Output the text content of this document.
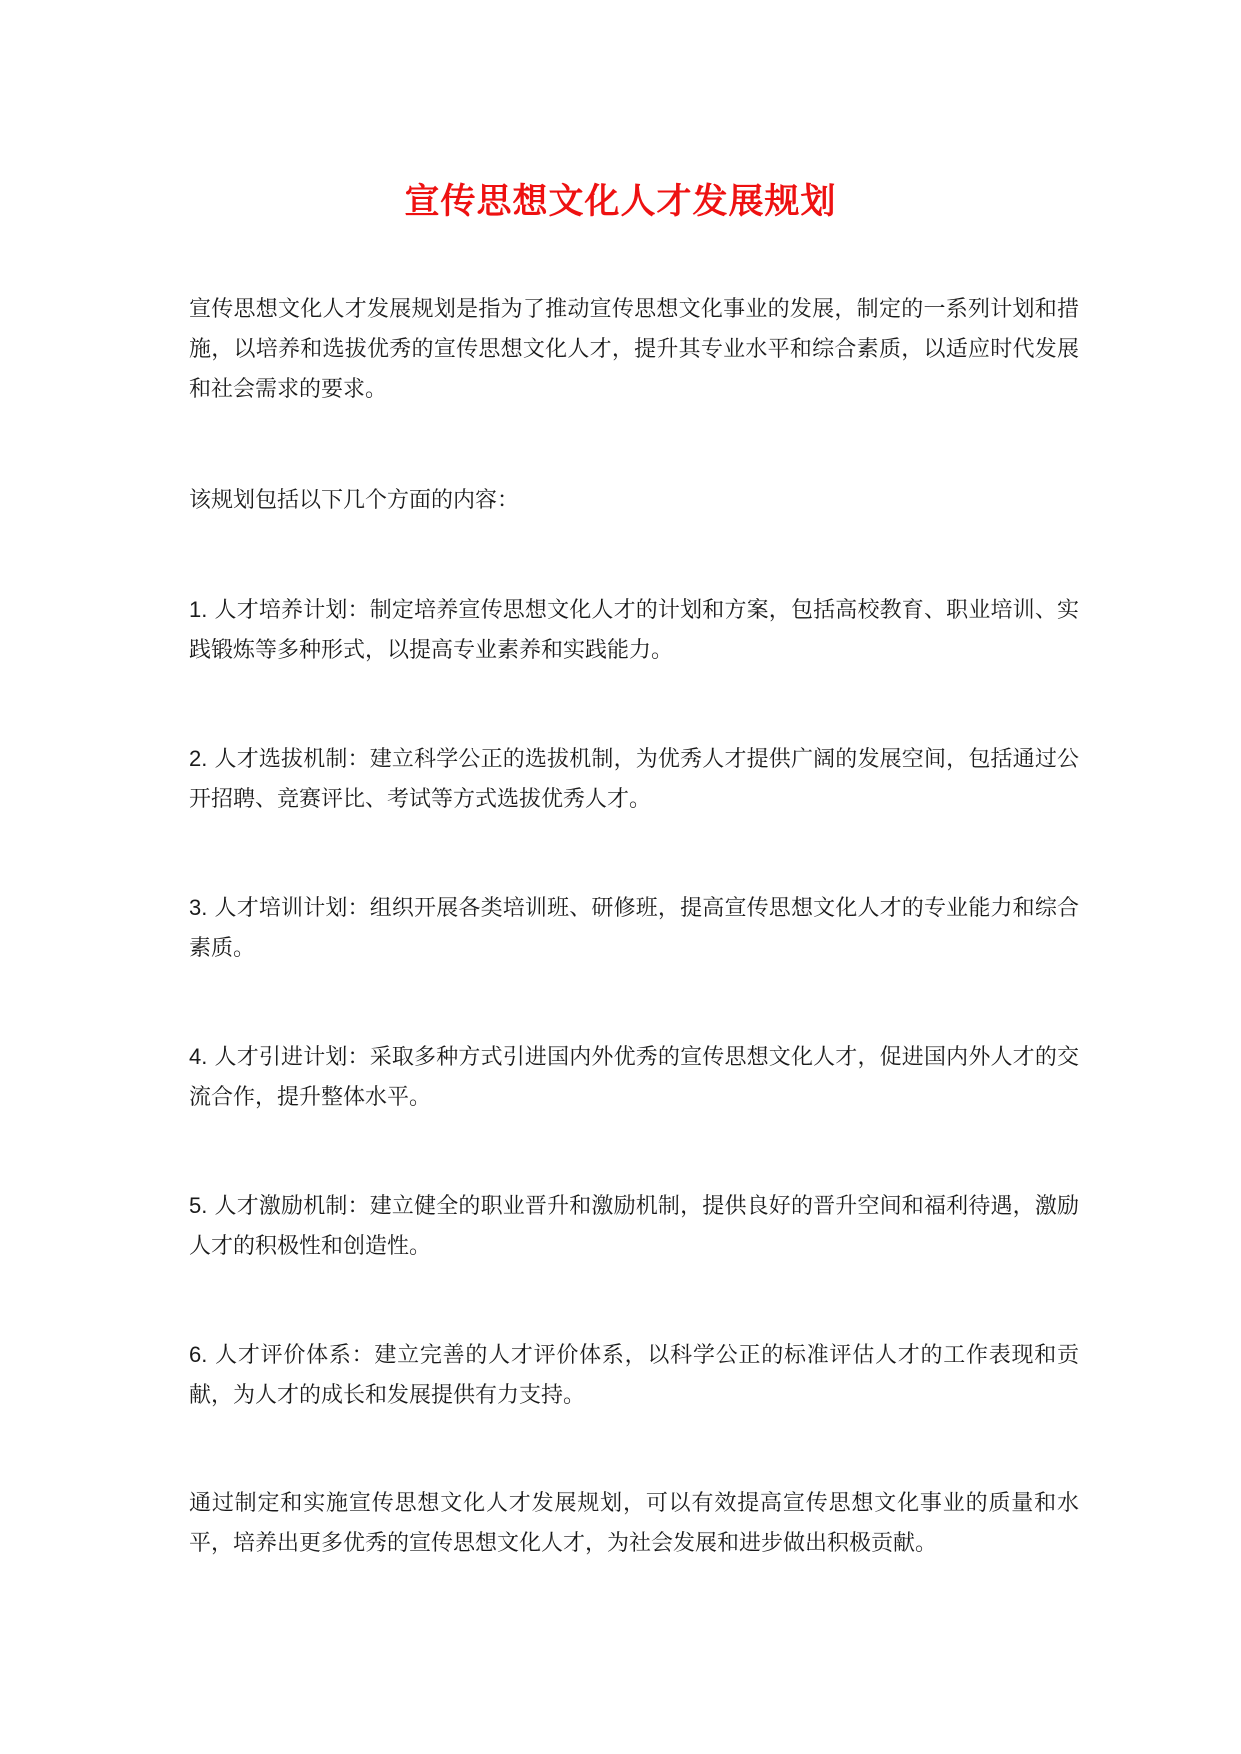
宣传思想文化人才发展规划

宣传思想文化人才发展规划是指为了推动宣传思想文化事业的发展，制定的一系列计划和措施，以培养和选拔优秀的宣传思想文化人才，提升其专业水平和综合素质，以适应时代发展和社会需求的要求。

该规划包括以下几个方面的内容：

1. 人才培养计划：制定培养宣传思想文化人才的计划和方案，包括高校教育、职业培训、实践锻炼等多种形式，以提高专业素养和实践能力。

2. 人才选拔机制：建立科学公正的选拔机制，为优秀人才提供广阔的发展空间，包括通过公开招聘、竞赛评比、考试等方式选拔优秀人才。

3. 人才培训计划：组织开展各类培训班、研修班，提高宣传思想文化人才的专业能力和综合素质。

4. 人才引进计划：采取多种方式引进国内外优秀的宣传思想文化人才，促进国内外人才的交流合作，提升整体水平。

5. 人才激励机制：建立健全的职业晋升和激励机制，提供良好的晋升空间和福利待遇，激励人才的积极性和创造性。

6. 人才评价体系：建立完善的人才评价体系，以科学公正的标准评估人才的工作表现和贡献，为人才的成长和发展提供有力支持。

通过制定和实施宣传思想文化人才发展规划，可以有效提高宣传思想文化事业的质量和水平，培养出更多优秀的宣传思想文化人才，为社会发展和进步做出积极贡献。
